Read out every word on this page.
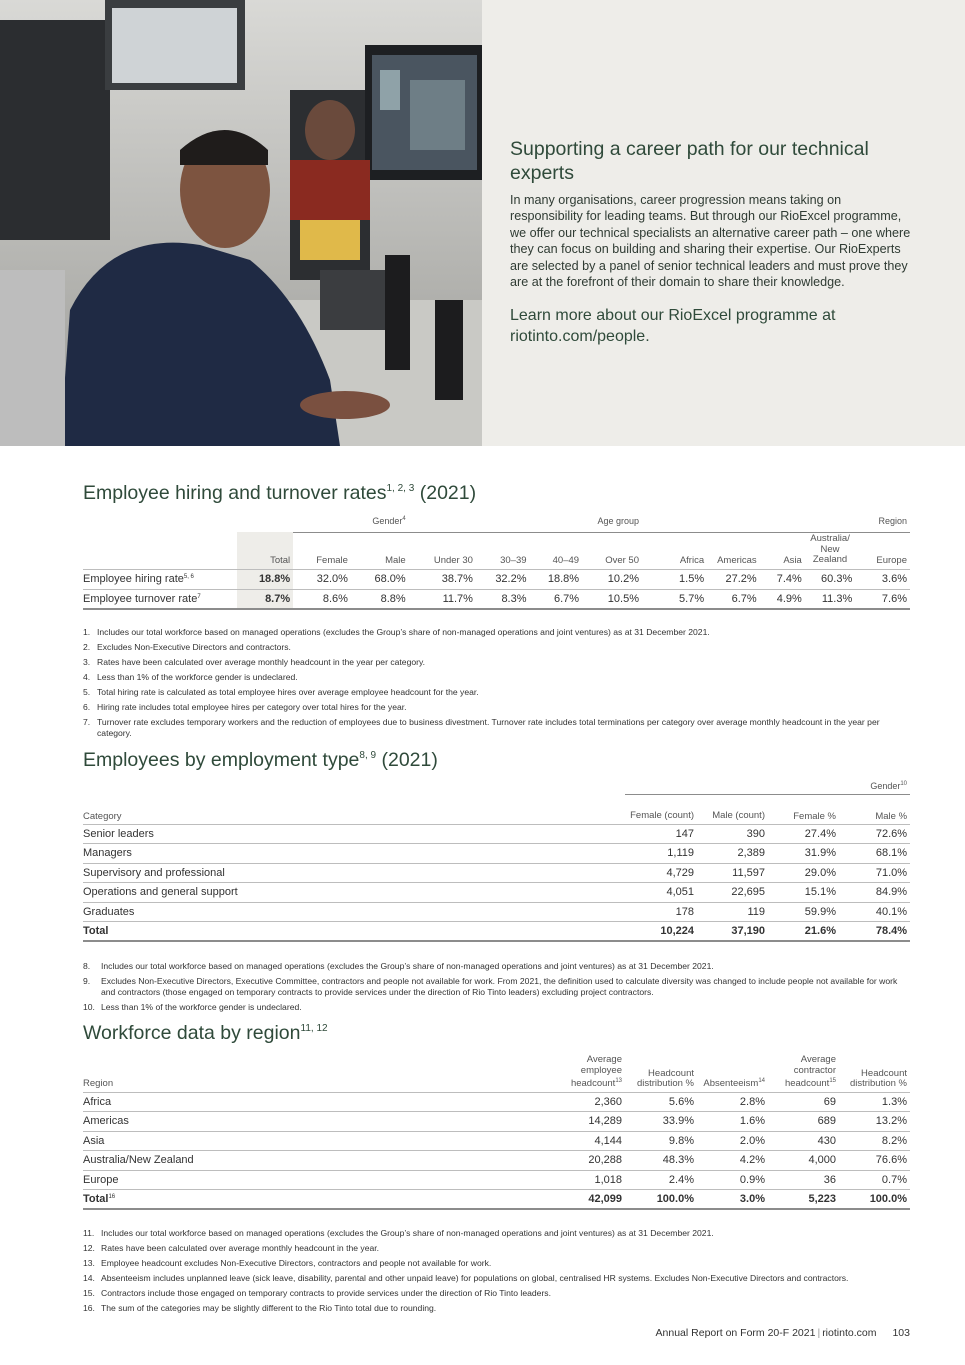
Supporting a career path for our technical experts

In many organisations, career progression means taking on responsibility for leading teams. But through our RioExcel programme, we offer our technical specialists an alternative career path – one where they can focus on building and sharing their expertise. Our RioExperts are selected by a panel of senior technical leaders and must prove they are at the forefront of their domain to share their knowledge.

Learn more about our RioExcel programme at riotinto.com/people.

Employee hiring and turnover rates$^{1, 2, 3}$ (2021)
		Gender$^4$		Age group				Region				
	Total	Female	Male	Under 30	30–39	40–49	Over 50	Africa	Americas	Asia	Australia/ New Zealand	Europe
Employee hiring rate$^{5, 6}$	18.8%	32.0%	68.0%	38.7%	32.2%	18.8%	10.2%	1.5%	27.2%	7.4%	60.3%	3.6%
Employee turnover rate$^7$	8.7%	8.6%	8.8%	11.7%	8.3%	6.7%	10.5%	5.7%	6.7%	4.9%	11.3%	7.6%
1. Includes our total workforce based on managed operations (excludes the Group’s share of non-managed operations and joint ventures) as at 31 December 2021.
2. Excludes Non-Executive Directors and contractors.
3. Rates have been calculated over average monthly headcount in the year per category.
4. Less than 1% of the workforce gender is undeclared.
5. Total hiring rate is calculated as total employee hires over average employee headcount for the year.
6. Hiring rate includes total employee hires per category over total hires for the year.
7. Turnover rate excludes temporary workers and the reduction of employees due to business divestment. Turnover rate includes total terminations per category over average monthly headcount in the year per category.
Employees by employment type$^{8, 9}$ (2021)
	Gender$^{10}$
Category	Female (count)	Male (count)	Female %	Male %
Senior leaders	147	390	27.4%	72.6%
Managers	1,119	2,389	31.9%	68.1%
Supervisory and professional	4,729	11,597	29.0%	71.0%
Operations and general support	4,051	22,695	15.1%	84.9%
Graduates	178	119	59.9%	40.1%
Total	10,224	37,190	21.6%	78.4%
8. Includes our total workforce based on managed operations (excludes the Group’s share of non-managed operations and joint ventures) as at 31 December 2021.
9. Excludes Non-Executive Directors, Executive Committee, contractors and people not available for work. From 2021, the definition used to calculate diversity was changed to include people not available for work and contractors (those engaged on temporary contracts to provide services under the direction of Rio Tinto leaders) excluding project contractors.
10. Less than 1% of the workforce gender is undeclared.
Workforce data by region$^{11, 12}$
Region	Average employee headcount$^{13}$	Headcount distribution %	Absenteeism$^{14}$	Average contractor headcount$^{15}$	Headcount distribution %
Africa	2,360	5.6%	2.8%	69	1.3%
Americas	14,289	33.9%	1.6%	689	13.2%
Asia	4,144	9.8%	2.0%	430	8.2%
Australia/New Zealand	20,288	48.3%	4.2%	4,000	76.6%
Europe	1,018	2.4%	0.9%	36	0.7%
Total$^{16}$	42,099	100.0%	3.0%	5,223	100.0%
11. Includes our total workforce based on managed operations (excludes the Group’s share of non-managed operations and joint ventures) as at 31 December 2021.
12. Rates have been calculated over average monthly headcount in the year.
13. Employee headcount excludes Non-Executive Directors, contractors and people not available for work.
14. Absenteeism includes unplanned leave (sick leave, disability, parental and other unpaid leave) for populations on global, centralised HR systems. Excludes Non-Executive Directors and contractors.
15. Contractors include those engaged on temporary contracts to provide services under the direction of Rio Tinto leaders.
16. The sum of the categories may be slightly different to the Rio Tinto total due to rounding.
Annual Report on Form 20-F 2021 | riotinto.com 103
